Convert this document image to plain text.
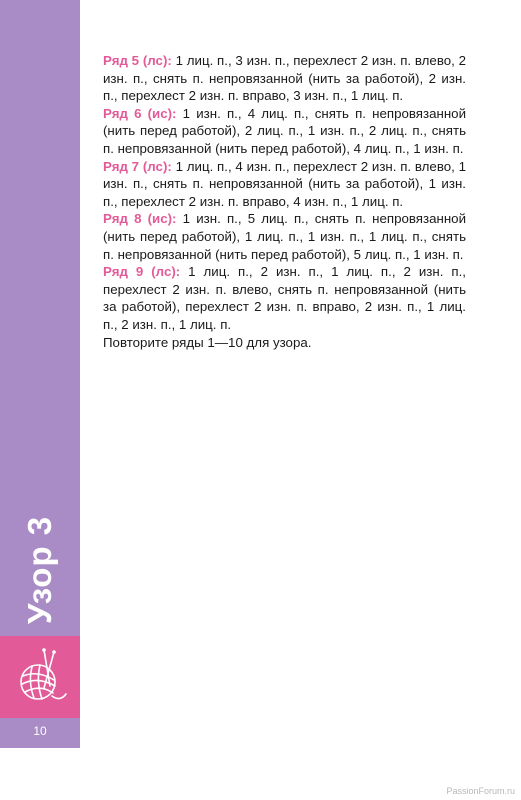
Узор 3
10

Ряд 5 (лс): 1 лиц. п., 3 изн. п., перехлест 2 изн. п. влево, 2 изн. п., снять п. непровязанной (нить за работой), 2 изн. п., перехлест 2 изн. п. вправо, 3 изн. п., 1 лиц. п.

Ряд 6 (ис): 1 изн. п., 4 лиц. п., снять п. непровязанной (нить перед работой), 2 лиц. п., 1 изн. п., 2 лиц. п., снять п. непровязанной (нить перед работой), 4 лиц. п., 1 изн. п.

Ряд 7 (лс): 1 лиц. п., 4 изн. п., перехлест 2 изн. п. влево, 1 изн. п., снять п. непровязанной (нить за работой), 1 изн. п., перехлест 2 изн. п. вправо, 4 изн. п., 1 лиц. п.

Ряд 8 (ис): 1 изн. п., 5 лиц. п., снять п. непровязанной (нить перед работой), 1 лиц. п., 1 изн. п., 1 лиц. п., снять п. непровязанной (нить перед работой), 5 лиц. п., 1 изн. п.

Ряд 9 (лс): 1 лиц. п., 2 изн. п., 1 лиц. п., 2 изн. п., перехлест 2 изн. п. влево, снять п. непровязанной (нить за работой), перехлест 2 изн. п. вправо, 2 изн. п., 1 лиц. п., 2 изн. п., 1 лиц. п.

Повторите ряды 1—10 для узора.

PassionForum.ru
